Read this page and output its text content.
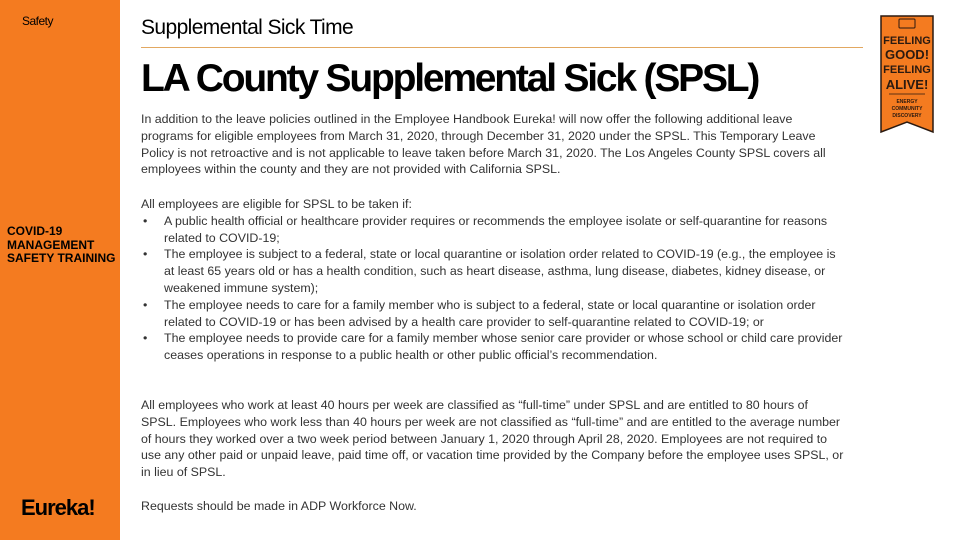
Safety
COVID-19 MANAGEMENT SAFETY TRAINING
Eureka!
Supplemental Sick Time
LA County Supplemental Sick (SPSL)
In addition to the leave policies outlined in the Employee Handbook Eureka! will now offer the following additional leave programs for eligible employees from March 31, 2020, through December 31, 2020 under the SPSL. This Temporary Leave Policy is not retroactive and is not applicable to leave taken before March 31, 2020. The Los Angeles County SPSL covers all employees within the county and they are not provided with California SPSL.
All employees are eligible for SPSL to be taken if:
• A public health official or healthcare provider requires or recommends the employee isolate or self-quarantine for reasons related to COVID-19;
• The employee is subject to a federal, state or local quarantine or isolation order related to COVID-19 (e.g., the employee is at least 65 years old or has a health condition, such as heart disease, asthma, lung disease, diabetes, kidney disease, or weakened immune system);
• The employee needs to care for a family member who is subject to a federal, state or local quarantine or isolation order related to COVID-19 or has been advised by a health care provider to self-quarantine related to COVID-19; or
• The employee needs to provide care for a family member whose senior care provider or whose school or child care provider ceases operations in response to a public health or other public official’s recommendation.
All employees who work at least 40 hours per week are classified as “full-time” under SPSL and are entitled to 80 hours of SPSL. Employees who work less than 40 hours per week are not classified as “full-time” and are entitled to the average number of hours they worked over a two week period between January 1, 2020 through April 28, 2020. Employees are not required to use any other paid or unpaid leave, paid time off, or vacation time provided by the Company before the employee uses SPSL, or in lieu of SPSL.
Requests should be made in ADP Workforce Now.
FEELING
GOOD!
FEELING
ALIVE!
ENERGY
COMMUNITY
DISCOVERY
